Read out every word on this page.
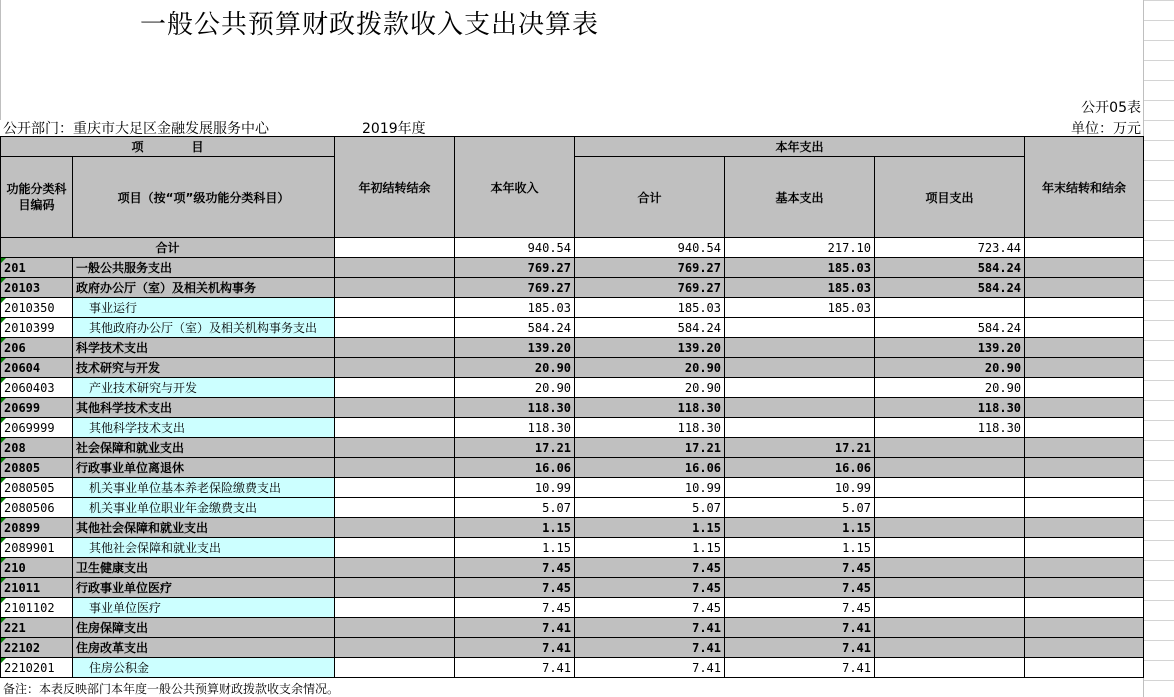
一般公共预算财政拨款收入支出决算表
公开05表
公开部门：重庆市大足区金融发展服务中心	2019年度	单位：万元
项　　　　目		年初结转结余	本年收入	本年支出			年末结转和结余
功能分类科目编码	项目（按“项”级功能分类科目）			合计	基本支出	项目支出	
合计			940.54	940.54	217.10	723.44	
201	一般公共服务支出		769.27	769.27	185.03	584.24	
20103	政府办公厅（室）及相关机构事务		769.27	769.27	185.03	584.24	
2010350	事业运行		185.03	185.03	185.03		
2010399	其他政府办公厅（室）及相关机构事务支出		584.24	584.24		584.24	
206	科学技术支出		139.20	139.20		139.20	
20604	技术研究与开发		20.90	20.90		20.90	
2060403	产业技术研究与开发		20.90	20.90		20.90	
20699	其他科学技术支出		118.30	118.30		118.30	
2069999	其他科学技术支出		118.30	118.30		118.30	
208	社会保障和就业支出		17.21	17.21	17.21		
20805	行政事业单位离退休		16.06	16.06	16.06		
2080505	机关事业单位基本养老保险缴费支出		10.99	10.99	10.99		
2080506	机关事业单位职业年金缴费支出		5.07	5.07	5.07		
20899	其他社会保障和就业支出		1.15	1.15	1.15		
2089901	其他社会保障和就业支出		1.15	1.15	1.15		
210	卫生健康支出		7.45	7.45	7.45		
21011	行政事业单位医疗		7.45	7.45	7.45		
2101102	事业单位医疗		7.45	7.45	7.45		
221	住房保障支出		7.41	7.41	7.41		
22102	住房改革支出		7.41	7.41	7.41		
2210201	住房公积金		7.41	7.41	7.41		
备注：本表反映部门本年度一般公共预算财政拨款收支余情况。
